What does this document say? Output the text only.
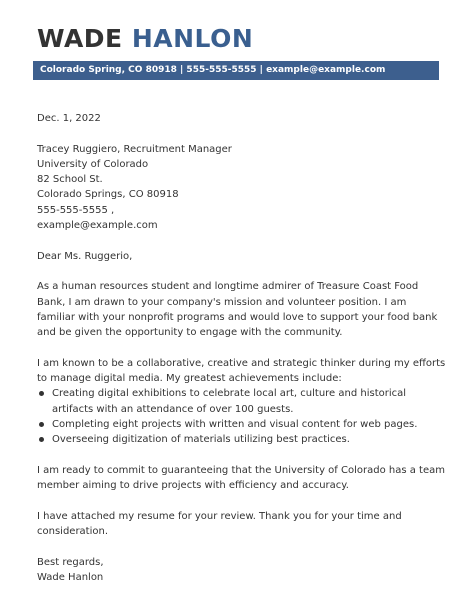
WADE HANLON
Colorado Spring, CO 80918 | 555-555-5555 | example@example.com

Dec. 1, 2022

Tracey Ruggiero, Recruitment Manager

University of Colorado

82 School St.

Colorado Springs, CO 80918

555-555-5555 ,

example@example.com

Dear Ms. Ruggerio,

As a human resources student and longtime admirer of Treasure Coast Food Bank, I am drawn to your company's mission and volunteer position. I am familiar with your nonprofit programs and would love to support your food bank and be given the opportunity to engage with the community.

I am known to be a collaborative, creative and strategic thinker during my efforts to manage digital media. My greatest achievements include:

Creating digital exhibitions to celebrate local art, culture and historical artifacts with an attendance of over 100 guests.
Completing eight projects with written and visual content for web pages.
Overseeing digitization of materials utilizing best practices.

I am ready to commit to guaranteeing that the University of Colorado has a team member aiming to drive projects with efficiency and accuracy.

I have attached my resume for your review. Thank you for your time and consideration.

Best regards,

Wade Hanlon
